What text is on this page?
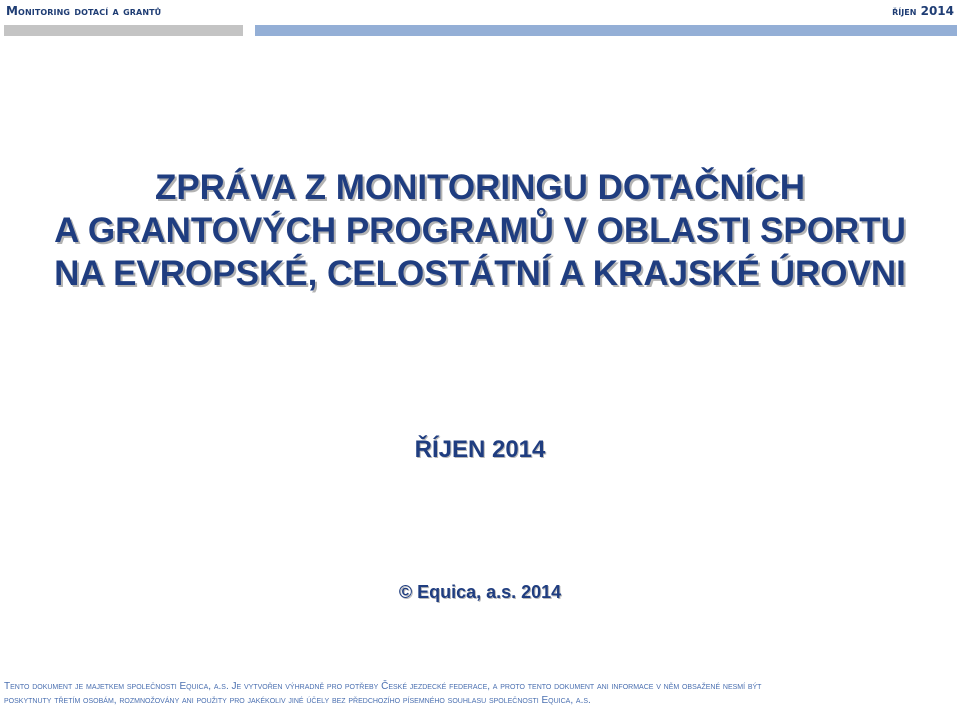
Monitoring dotací a grantů	říjen 2014
ZPRÁVA Z MONITORINGU DOTAČNÍCH
A GRANTOVÝCH PROGRAMŮ V OBLASTI SPORTU
NA EVROPSKÉ, CELOSTÁTNÍ A KRAJSKÉ ÚROVNI
ŘÍJEN 2014
© Equica, a.s. 2014
Tento dokument je majetkem společnosti Equica, a.s. Je vytvořen výhradně pro potřeby České jezdecké federace, a proto tento dokument ani informace v něm obsažené nesmí být
poskytnuty třetím osobám, rozmnožovány ani použity pro jakékoliv jiné účely bez předchozího písemného souhlasu společnosti Equica, a.s.
